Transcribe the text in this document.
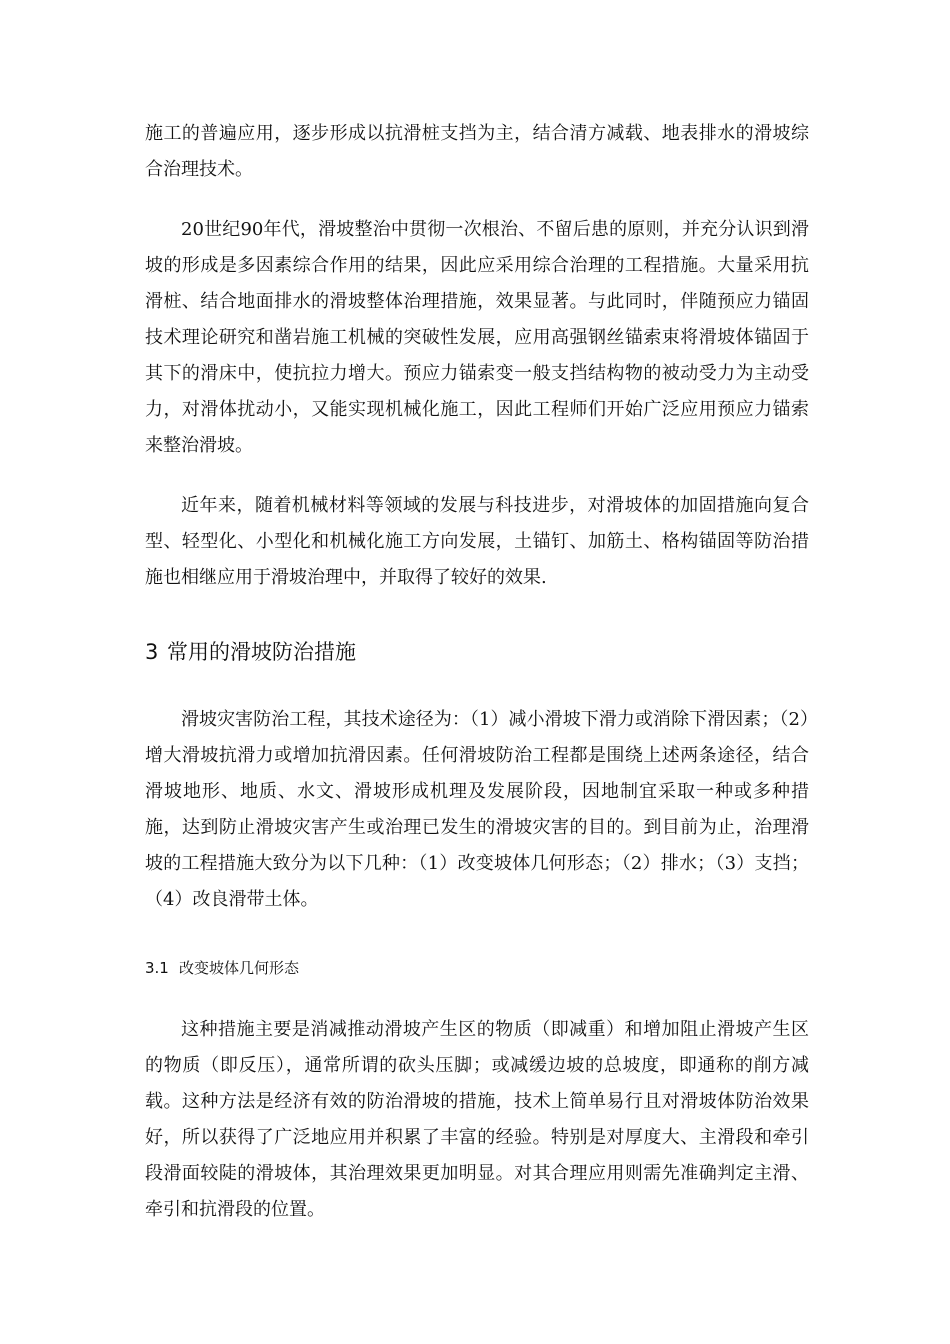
施工的普遍应用，逐步形成以抗滑桩支挡为主，结合清方减载、地表排水的滑坡综合治理技术。

20世纪90年代，滑坡整治中贯彻一次根治、不留后患的原则，并充分认识到滑坡的形成是多因素综合作用的结果，因此应采用综合治理的工程措施。大量采用抗滑桩、结合地面排水的滑坡整体治理措施，效果显著。与此同时，伴随预应力锚固技术理论研究和凿岩施工机械的突破性发展，应用高强钢丝锚索束将滑坡体锚固于其下的滑床中，使抗拉力增大。预应力锚索变一般支挡结构物的被动受力为主动受力，对滑体扰动小，又能实现机械化施工，因此工程师们开始广泛应用预应力锚索来整治滑坡。

近年来，随着机械材料等领域的发展与科技进步，对滑坡体的加固措施向复合型、轻型化、小型化和机械化施工方向发展，土锚钉、加筋土、格构锚固等防治措施也相继应用于滑坡治理中，并取得了较好的效果.

3 常用的滑坡防治措施

滑坡灾害防治工程，其技术途径为：（1）减小滑坡下滑力或消除下滑因素；（2）增大滑坡抗滑力或增加抗滑因素。任何滑坡防治工程都是围绕上述两条途径，结合滑坡地形、地质、水文、滑坡形成机理及发展阶段，因地制宜采取一种或多种措施，达到防止滑坡灾害产生或治理已发生的滑坡灾害的目的。到目前为止，治理滑坡的工程措施大致分为以下几种：（1）改变坡体几何形态；（2）排水；（3）支挡；（4）改良滑带土体。

3.1 改变坡体几何形态

这种措施主要是消减推动滑坡产生区的物质（即减重）和增加阻止滑坡产生区的物质（即反压），通常所谓的砍头压脚；或减缓边坡的总坡度，即通称的削方减载。这种方法是经济有效的防治滑坡的措施，技术上简单易行且对滑坡体防治效果好，所以获得了广泛地应用并积累了丰富的经验。特别是对厚度大、主滑段和牵引段滑面较陡的滑坡体，其治理效果更加明显。对其合理应用则需先准确判定主滑、牵引和抗滑段的位置。
